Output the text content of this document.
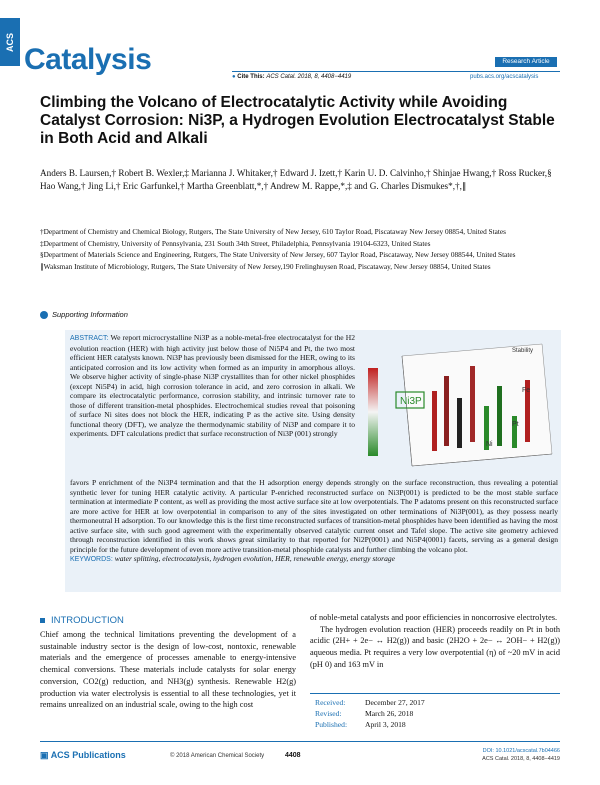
ACS
Catalysis	Research Article
● Cite This: ACS Catal. 2018, 8, 4408−4419	pubs.acs.org/acscatalysis
Climbing the Volcano of Electrocatalytic Activity while Avoiding Catalyst Corrosion: Ni3P, a Hydrogen Evolution Electrocatalyst Stable in Both Acid and Alkali
Anders B. Laursen,† Robert B. Wexler,‡ Marianna J. Whitaker,† Edward J. Izett,† Karin U. D. Calvinho,† Shinjae Hwang,† Ross Rucker,§ Hao Wang,† Jing Li,† Eric Garfunkel,† Martha Greenblatt,*,† Andrew M. Rappe,*,‡ and G. Charles Dismukes*,†,∥

†Department of Chemistry and Chemical Biology, Rutgers, The State University of New Jersey, 610 Taylor Road, Piscataway New Jersey 08854, United States

‡Department of Chemistry, University of Pennsylvania, 231 South 34th Street, Philadelphia, Pennsylvania 19104-6323, United States

§Department of Materials Science and Engineering, Rutgers, The State University of New Jersey, 607 Taylor Road, Piscataway, New Jersey 088544, United States

∥Waksman Institute of Microbiology, Rutgers, The State University of New Jersey,190 Frelinghuysen Road, Piscataway, New Jersey 08854, United States

Supporting Information
ABSTRACT: We report microcrystalline Ni3P as a noble-metal-free electrocatalyst for the H2 evolution reaction (HER) with high activity just below those of Ni5P4 and Pt, the two most efficient HER catalysts known. Ni3P has previously been dismissed for the HER, owing to its anticipated corrosion and its low activity when formed as an impurity in amorphous alloys. We observe higher activity of single-phase Ni3P crystallites than for other nickel phosphides (except Ni5P4) in acid, high corrosion tolerance in acid, and zero corrosion in alkali. We compare its electrocatalytic performance, corrosion stability, and intrinsic turnover rate to those of different transition-metal phosphides. Electrochemical studies reveal that poisoning of surface Ni sites does not block the HER, indicating P as the active site. Using density functional theory (DFT), we analyze the thermodynamic stability of Ni3P and compare it to experiments. DFT calculations predict that surface reconstruction of Ni3P (001) strongly
Ni3P
Stability
Pt
Fe
Ni
favors P enrichment of the Ni3P4 termination and that the H adsorption energy depends strongly on the surface reconstruction, thus revealing a potential synthetic lever for tuning HER catalytic activity. A particular P-enriched reconstructed surface on Ni3P(001) is predicted to be the most stable surface termination at intermediate P content, as well as providing the most active surface site at low overpotentials. The P adatoms present on this reconstructed surface are more active for HER at low overpotential in comparison to any of the sites investigated on other terminations of Ni3P(001), as they possess nearly thermoneutral H adsorption. To our knowledge this is the first time reconstructed surfaces of transition-metal phosphides have been identified as having the most active surface site, with such good agreement with the experimentally observed catalytic current onset and Tafel slope. The active site geometry achieved through reconstruction identified in this work shows great similarity to that reported for Ni2P(0001) and Ni5P4(0001) facets, serving as a general design principle for the future development of even more active transition-metal phosphide catalysts and further climbing the volcano plot.
KEYWORDS: water splitting, electrocatalysis, hydrogen evolution, HER, renewable energy, energy storage
INTRODUCTION
Chief among the technical limitations preventing the development of a sustainable industry sector is the design of low-cost, nontoxic, renewable materials and the emergence of processes amenable to energy-intensive chemical conversions. These materials include catalysts for solar energy conversion, CO2(g) reduction, and NH3(g) synthesis. Renewable H2(g) production via water electrolysis is essential to all these technologies, yet it remains unrealized on an industrial scale, owing to the high cost
of noble-metal catalysts and poor efficiencies in noncorrosive electrolytes.
The hydrogen evolution reaction (HER) proceeds readily on Pt in both acidic (2H+ + 2e− ↔ H2(g)) and basic (2H2O + 2e− ↔ 2OH− + H2(g)) aqueous media. Pt requires a very low overpotential (η) of ~20 mV in acid (pH 0) and 163 mV in
Received:	December 27, 2017
Revised:	March 26, 2018
Published: April 3, 2018
▣ ACS Publications	© 2018 American Chemical Society	4408
DOI: 10.1021/acscatal.7b04466
ACS Catal. 2018, 8, 4408−4419
